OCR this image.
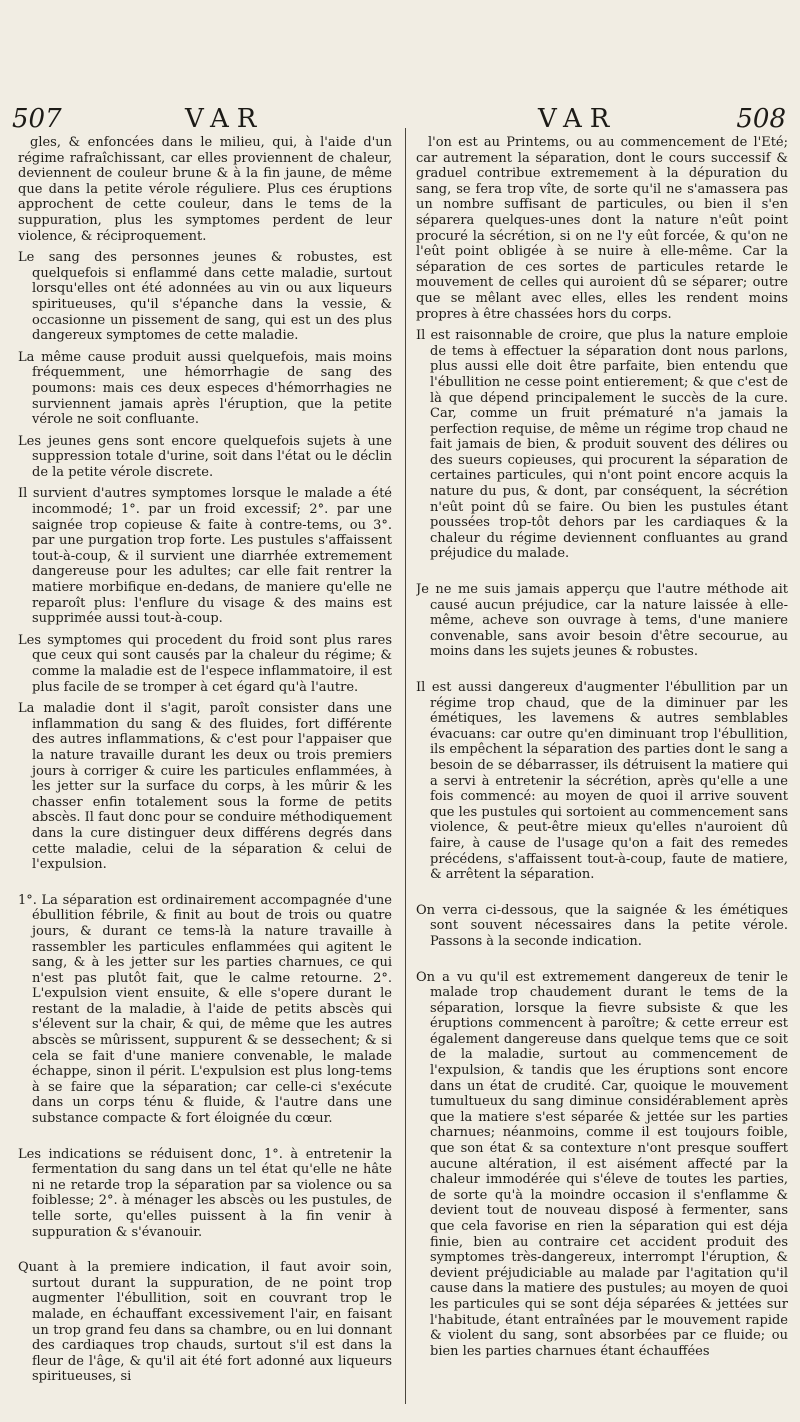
507	VAR	VAR	508

gles, & enfoncées dans le milieu, qui, à l'aide d'un régime rafraîchissant, car elles proviennent de chaleur, deviennent de couleur brune & à la fin jaune, de même que dans la petite vérole réguliere. Plus ces éruptions approchent de cette couleur, dans le tems de la suppuration, plus les symptomes perdent de leur violence, & réciproquement.

Le sang des personnes jeunes & robustes, est quelquefois si enflammé dans cette maladie, surtout lorsqu'elles ont été adonnées au vin ou aux liqueurs spiritueuses, qu'il s'épanche dans la vessie, & occasionne un pissement de sang, qui est un des plus dangereux symptomes de cette maladie.

La même cause produit aussi quelquefois, mais moins fréquemment, une hémorrhagie de sang des poumons: mais ces deux especes d'hémorrhagies ne surviennent jamais après l'éruption, que la petite vérole ne soit confluante.

Les jeunes gens sont encore quelquefois sujets à une suppression totale d'urine, soit dans l'état ou le déclin de la petite vérole discrete.

Il survient d'autres symptomes lorsque le malade a été incommodé; 1°. par un froid excessif; 2°. par une saignée trop copieuse & faite à contre-tems, ou 3°. par une purgation trop forte. Les pustules s'affaissent tout-à-coup, & il survient une diarrhée extremement dangereuse pour les adultes; car elle fait rentrer la matiere morbifique en-dedans, de maniere qu'elle ne reparoît plus: l'enflure du visage & des mains est supprimée aussi tout-à-coup.

Les symptomes qui procedent du froid sont plus rares que ceux qui sont causés par la chaleur du régime; & comme la maladie est de l'espece inflammatoire, il est plus facile de se tromper à cet égard qu'à l'autre.

La maladie dont il s'agit, paroît consister dans une inflammation du sang & des fluides, fort différente des autres inflammations, & c'est pour l'appaiser que la nature travaille durant les deux ou trois premiers jours à corriger & cuire les particules enflammées, à les jetter sur la surface du corps, à les mûrir & les chasser enfin totalement sous la forme de petits abscès. Il faut donc pour se conduire méthodiquement dans la cure distinguer deux différens degrés dans cette maladie, celui de la séparation & celui de l'expulsion.

1°. La séparation est ordinairement accompagnée d'une ébullition fébrile, & finit au bout de trois ou quatre jours, & durant ce tems-là la nature travaille à rassembler les particules enflammées qui agitent le sang, & à les jetter sur les parties charnues, ce qui n'est pas plutôt fait, que le calme retourne. 2°. L'expulsion vient ensuite, & elle s'opere durant le restant de la maladie, à l'aide de petits abscès qui s'élevent sur la chair, & qui, de même que les autres abscès se mûrissent, suppurent & se dessechent; & si cela se fait d'une maniere convenable, le malade échappe, sinon il périt. L'expulsion est plus long-tems à se faire que la séparation; car celle-ci s'exécute dans un corps ténu & fluide, & l'autre dans une substance compacte & fort éloignée du cœur.

Les indications se réduisent donc, 1°. à entretenir la fermentation du sang dans un tel état qu'elle ne hâte ni ne retarde trop la séparation par sa violence ou sa foiblesse; 2°. à ménager les abscès ou les pustules, de telle sorte, qu'elles puissent à la fin venir à suppuration & s'évanouir.

Quant à la premiere indication, il faut avoir soin, surtout durant la suppuration, de ne point trop augmenter l'ébullition, soit en couvrant trop le malade, en échauffant excessivement l'air, en faisant un trop grand feu dans sa chambre, ou en lui donnant des cardiaques trop chauds, surtout s'il est dans la fleur de l'âge, & qu'il ait été fort adonné aux liqueurs spiritueuses, si

l'on est au Printems, ou au commencement de l'Eté; car autrement la séparation, dont le cours successif & graduel contribue extremement à la dépuration du sang, se fera trop vîte, de sorte qu'il ne s'amassera pas un nombre suffisant de particules, ou bien il s'en séparera quelques-unes dont la nature n'eût point procuré la sécrétion, si on ne l'y eût forcée, & qu'on ne l'eût point obligée à se nuire à elle-même. Car la séparation de ces sortes de particules retarde le mouvement de celles qui auroient dû se séparer; outre que se mêlant avec elles, elles les rendent moins propres à être chassées hors du corps.

Il est raisonnable de croire, que plus la nature emploie de tems à effectuer la séparation dont nous parlons, plus aussi elle doit être parfaite, bien entendu que l'ébullition ne cesse point entierement; & que c'est de là que dépend principalement le succès de la cure. Car, comme un fruit prématuré n'a jamais la perfection requise, de même un régime trop chaud ne fait jamais de bien, & produit souvent des délires ou des sueurs copieuses, qui procurent la séparation de certaines particules, qui n'ont point encore acquis la nature du pus, & dont, par conséquent, la sécrétion n'eût point dû se faire. Ou bien les pustules étant poussées trop-tôt dehors par les cardiaques & la chaleur du régime deviennent confluantes au grand préjudice du malade.

Je ne me suis jamais apperçu que l'autre méthode ait causé aucun préjudice, car la nature laissée à elle-même, acheve son ouvrage à tems, d'une maniere convenable, sans avoir besoin d'être secourue, au moins dans les sujets jeunes & robustes.

Il est aussi dangereux d'augmenter l'ébullition par un régime trop chaud, que de la diminuer par les émétiques, les lavemens & autres semblables évacuans: car outre qu'en diminuant trop l'ébullition, ils empêchent la séparation des parties dont le sang a besoin de se débarrasser, ils détruisent la matiere qui a servi à entretenir la sécrétion, après qu'elle a une fois commencé: au moyen de quoi il arrive souvent que les pustules qui sortoient au commencement sans violence, & peut-être mieux qu'elles n'auroient dû faire, à cause de l'usage qu'on a fait des remedes précédens, s'affaissent tout-à-coup, faute de matiere, & arrêtent la séparation.

On verra ci-dessous, que la saignée & les émétiques sont souvent nécessaires dans la petite vérole. Passons à la seconde indication.

On a vu qu'il est extremement dangereux de tenir le malade trop chaudement durant le tems de la séparation, lorsque la fievre subsiste & que les éruptions commencent à paroître; & cette erreur est également dangereuse dans quelque tems que ce soit de la maladie, surtout au commencement de l'expulsion, & tandis que les éruptions sont encore dans un état de crudité. Car, quoique le mouvement tumultueux du sang diminue considérablement après que la matiere s'est séparée & jettée sur les parties charnues; néanmoins, comme il est toujours foible, que son état & sa contexture n'ont presque souffert aucune altération, il est aisément affecté par la chaleur immodérée qui s'éleve de toutes les parties, de sorte qu'à la moindre occasion il s'enflamme & devient tout de nouveau disposé à fermenter, sans que cela favorise en rien la séparation qui est déja finie, bien au contraire cet accident produit des symptomes très-dangereux, interrompt l'éruption, & devient préjudiciable au malade par l'agitation qu'il cause dans la matiere des pustules; au moyen de quoi les particules qui se sont déja séparées & jettées sur l'habitude, étant entraînées par le mouvement rapide & violent du sang, sont absorbées par ce fluide; ou bien les parties charnues étant échauffées
